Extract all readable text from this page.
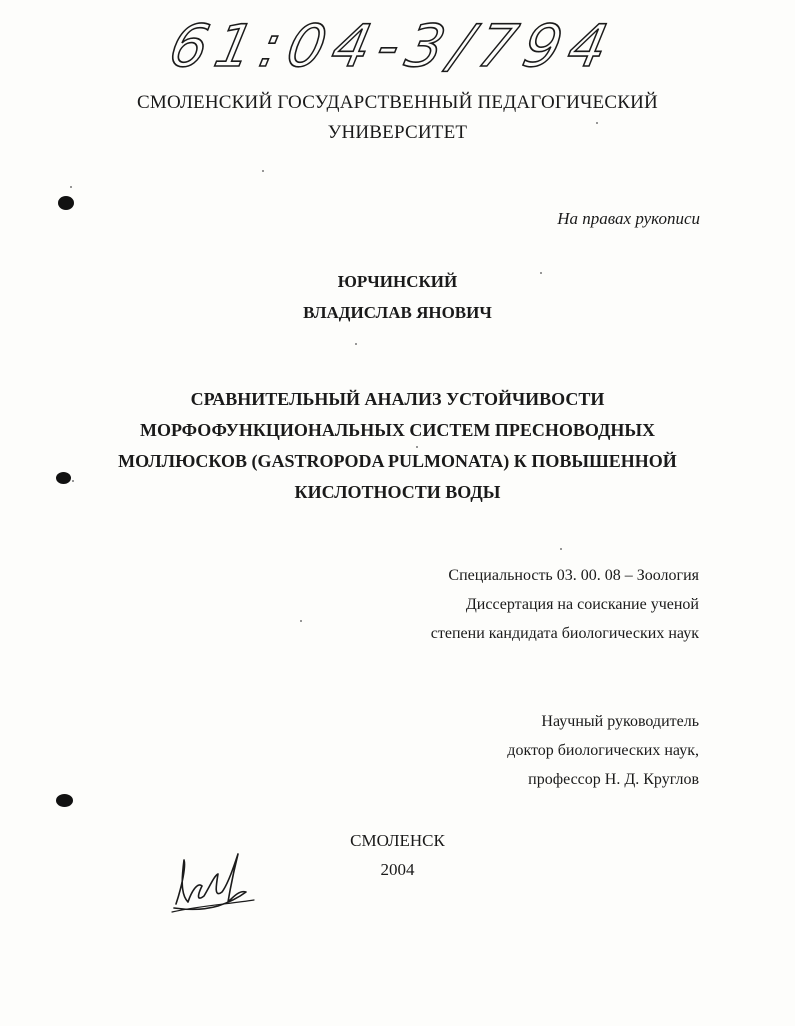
61:04-3/794
СМОЛЕНСКИЙ ГОСУДАРСТВЕННЫЙ ПЕДАГОГИЧЕСКИЙ
УНИВЕРСИТЕТ
На правах рукописи
ЮРЧИНСКИЙ
ВЛАДИСЛАВ ЯНОВИЧ
СРАВНИТЕЛЬНЫЙ АНАЛИЗ УСТОЙЧИВОСТИ
МОРФОФУНКЦИОНАЛЬНЫХ СИСТЕМ ПРЕСНОВОДНЫХ
МОЛЛЮСКОВ (GASTROPODA PULMONATA) К ПОВЫШЕННОЙ
КИСЛОТНОСТИ ВОДЫ
Специальность 03. 00. 08 – Зоология
Диссертация на соискание ученой
степени кандидата биологических наук
Научный руководитель
доктор биологических наук,
профессор Н. Д. Круглов
СМОЛЕНСК
2004
